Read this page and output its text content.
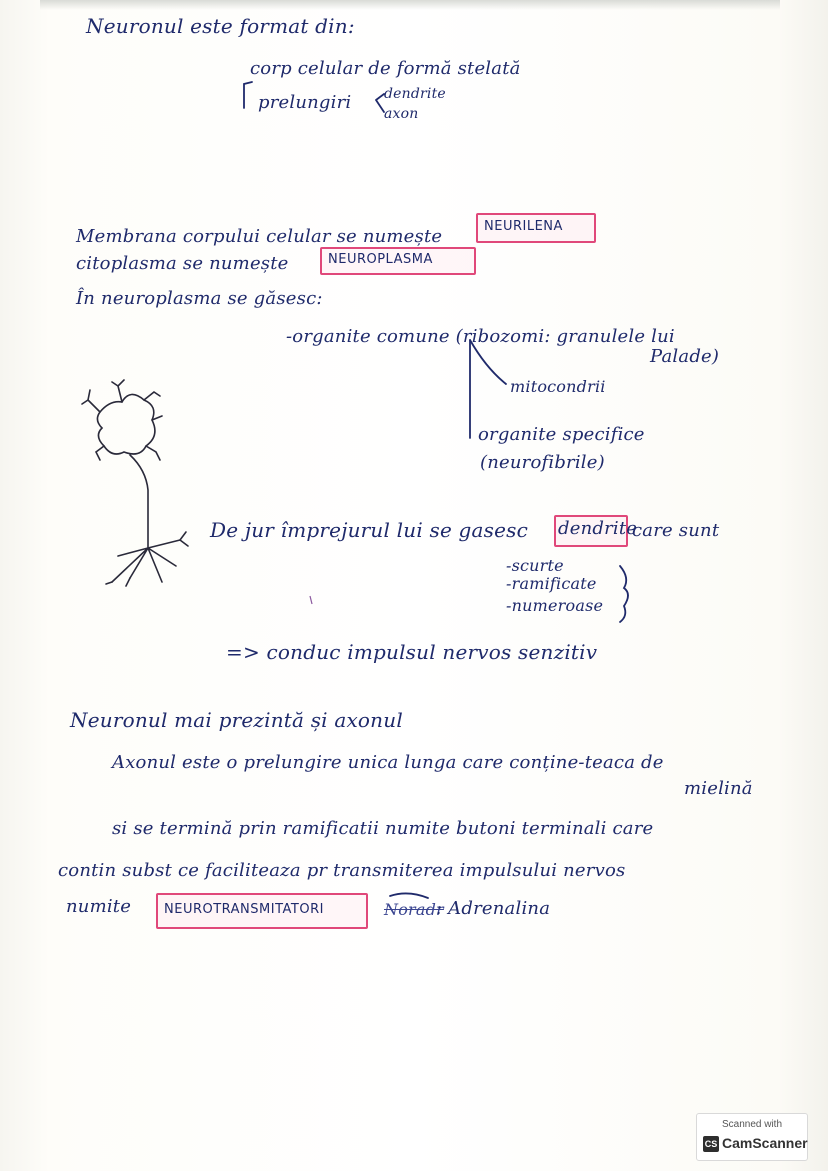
Neuronul este format din:
corp celular de formă stelată
prelungiri dendrite
axon
Membrana corpului celular se numește	NEURILENA
citoplasma se numește	NEUROPLASMA
În neuroplasma se găsesc:
-organite comune (ribozomi: granulele lui
Palade)
mitocondrii
organite specifice
(neurofibrile)
De jur împrejurul lui se gasesc dendrite
care sunt
-scurte
-ramificate
-numeroase
=> conduc impulsul nervos senzitiv
Neuronul mai prezintă și axonul
Axonul este o prelungire unica lunga care conține-teaca de
mielină
si se termină prin ramificatii numite butoni terminali care
contin subst ce faciliteaza pr transmiterea impulsului nervos
numite	NEUROTRANSMITATORI	Noradr
: Adrenalina
Scanned with
CS CamScanner
